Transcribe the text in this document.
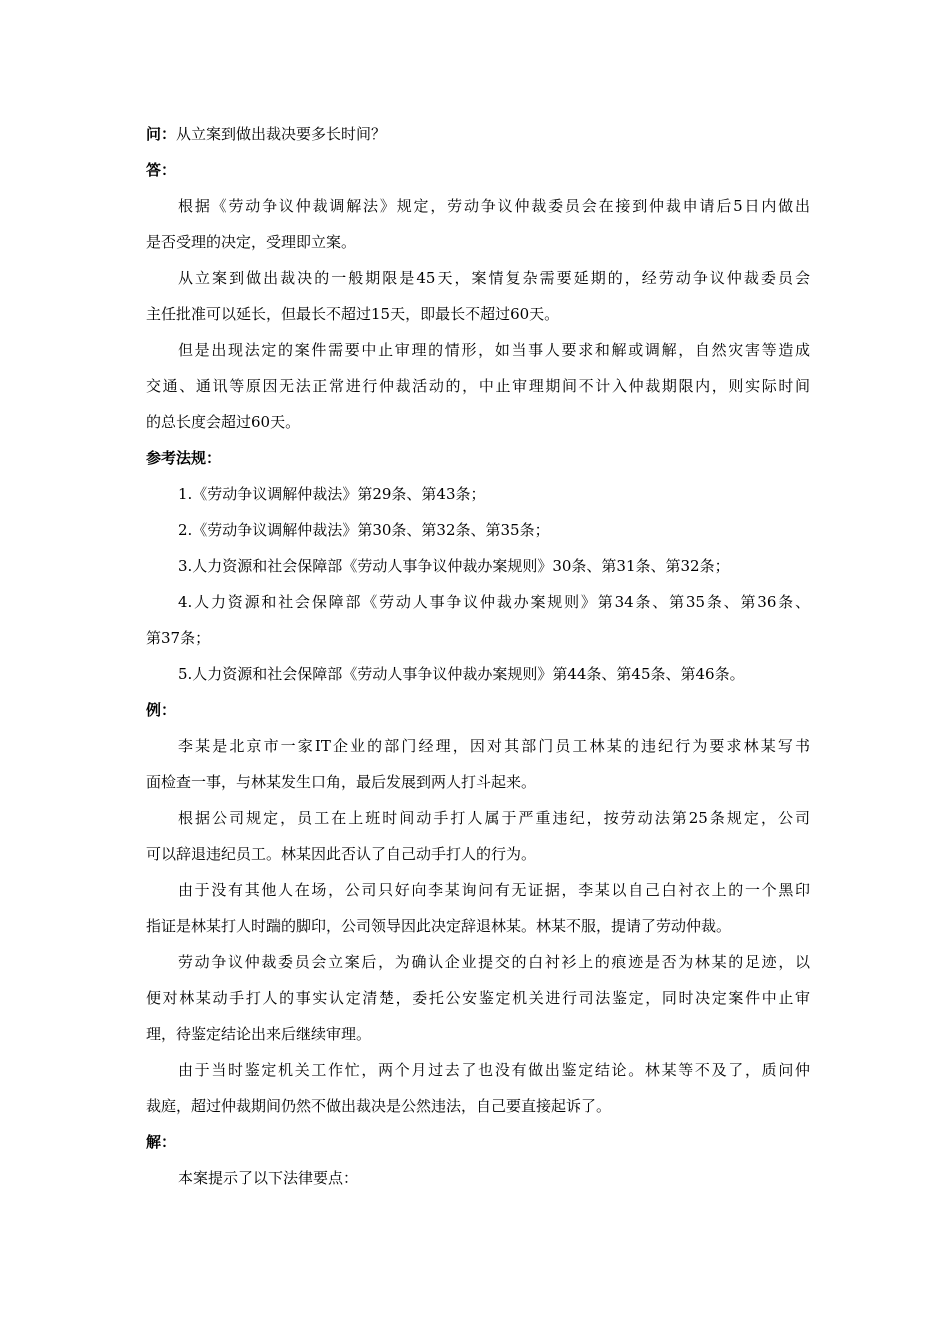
问：从立案到做出裁决要多长时间？
答：
根据《劳动争议仲裁调解法》规定，劳动争议仲裁委员会在接到仲裁申请后5日内做出
是否受理的决定，受理即立案。
从立案到做出裁决的一般期限是45天，案情复杂需要延期的，经劳动争议仲裁委员会
主任批准可以延长，但最长不超过15天，即最长不超过60天。
但是出现法定的案件需要中止审理的情形，如当事人要求和解或调解，自然灾害等造成
交通、通讯等原因无法正常进行仲裁活动的，中止审理期间不计入仲裁期限内，则实际时间
的总长度会超过60天。
参考法规：
1.《劳动争议调解仲裁法》第29条、第43条；
2.《劳动争议调解仲裁法》第30条、第32条、第35条；
3.人力资源和社会保障部《劳动人事争议仲裁办案规则》30条、第31条、第32条；
4.人力资源和社会保障部《劳动人事争议仲裁办案规则》第34条、第35条、第36条、
第37条；
5.人力资源和社会保障部《劳动人事争议仲裁办案规则》第44条、第45条、第46条。
例：
李某是北京市一家IT企业的部门经理，因对其部门员工林某的违纪行为要求林某写书
面检查一事，与林某发生口角，最后发展到两人打斗起来。
根据公司规定，员工在上班时间动手打人属于严重违纪，按劳动法第25条规定，公司
可以辞退违纪员工。林某因此否认了自己动手打人的行为。
由于没有其他人在场，公司只好向李某询问有无证据，李某以自己白衬衣上的一个黑印
指证是林某打人时踹的脚印，公司领导因此决定辞退林某。林某不服，提请了劳动仲裁。
劳动争议仲裁委员会立案后，为确认企业提交的白衬衫上的痕迹是否为林某的足迹，以
便对林某动手打人的事实认定清楚，委托公安鉴定机关进行司法鉴定，同时决定案件中止审
理，待鉴定结论出来后继续审理。
由于当时鉴定机关工作忙，两个月过去了也没有做出鉴定结论。林某等不及了，质问仲
裁庭，超过仲裁期间仍然不做出裁决是公然违法，自己要直接起诉了。
解：
本案提示了以下法律要点：
